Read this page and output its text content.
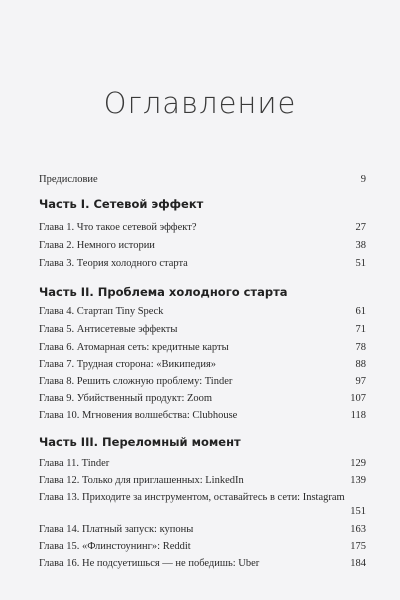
Оглавление
Предисловие	9
Часть I. Сетевой эффект
Глава 1. Что такое сетевой эффект?	27
Глава 2. Немного истории	38
Глава 3. Теория холодного старта	51
Часть II. Проблема холодного старта
Глава 4. Стартап Tiny Speck	61
Глава 5. Антисетевые эффекты	71
Глава 6. Атомарная сеть: кредитные карты	78
Глава 7. Трудная сторона: «Википедия»	88
Глава 8. Решить сложную проблему: Tinder	97
Глава 9. Убийственный продукт: Zoom	107
Глава 10. Мгновения волшебства: Clubhouse	118
Часть III. Переломный момент
Глава 11. Tinder	129
Глава 12. Только для приглашенных: LinkedIn	139
Глава 13. Приходите за инструментом, оставайтесь в сети: Instagram
151
Глава 14. Платный запуск: купоны	163
Глава 15. «Флинстоунинг»: Reddit	175
Глава 16. Не подсуетишься — не победишь: Uber	184
